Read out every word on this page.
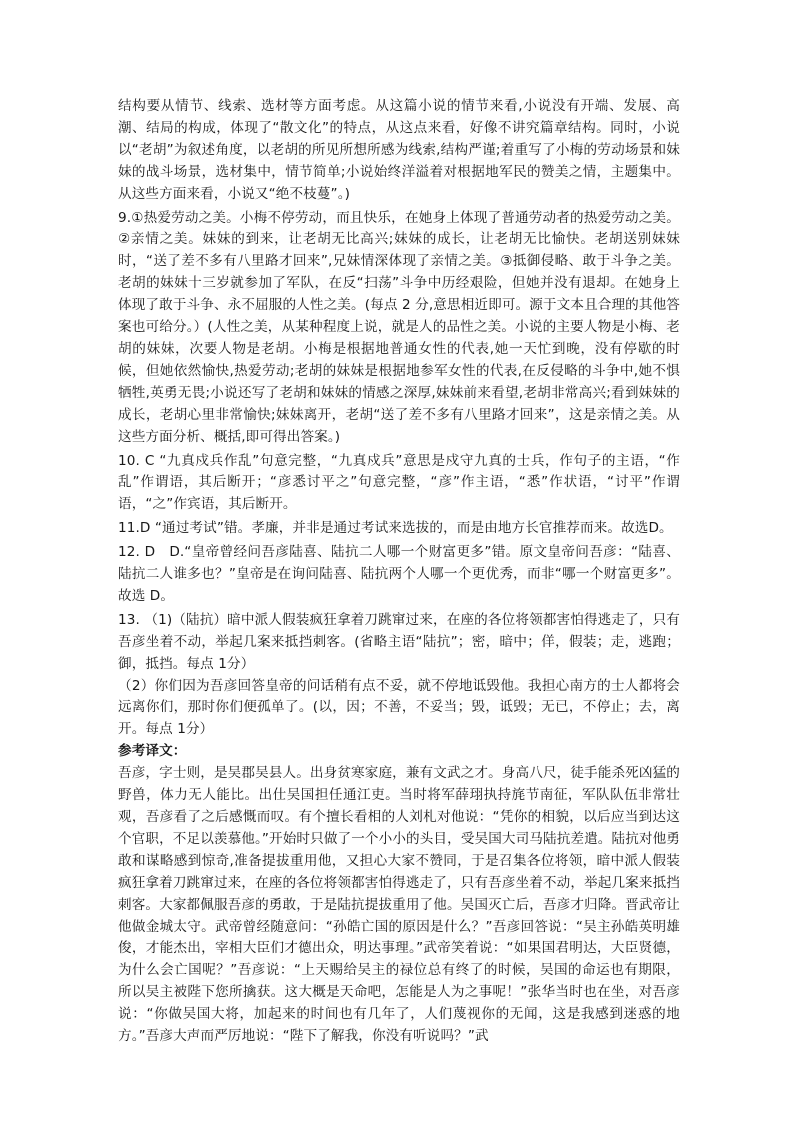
结构要从情节、线索、选材等方面考虑。从这篇小说的情节来看,小说没有开端、发展、高潮、结局的构成，体现了“散文化”的特点，从这点来看，好像不讲究篇章结构。同时，小说以“老胡”为叙述角度，以老胡的所见所想所感为线索,结构严谨;着重写了小梅的劳动场景和妹妹的战斗场景，选材集中，情节简单;小说始终洋溢着对根据地军民的赞美之情，主题集中。从这些方面来看，小说又“绝不枝蔓”。)

9.①热爱劳动之美。小梅不停劳动，而且快乐，在她身上体现了普通劳动者的热爱劳动之美。②亲情之美。妹妹的到来，让老胡无比高兴;妹妹的成长，让老胡无比愉快。老胡送别妹妹时，“送了差不多有八里路才回来”,兄妹情深体现了亲情之美。③抵御侵略、敢于斗争之美。老胡的妹妹十三岁就参加了军队，在反“扫荡”斗争中历经艰险，但她并没有退却。在她身上体现了敢于斗争、永不屈服的人性之美。(每点 2 分,意思相近即可。源于文本且合理的其他答案也可给分。）(人性之美，从某种程度上说，就是人的品性之美。小说的主要人物是小梅、老胡的妹妹，次要人物是老胡。小梅是根据地普通女性的代表,她一天忙到晚，没有停歇的时候，但她依然愉快,热爱劳动;老胡的妹妹是根据地参军女性的代表,在反侵略的斗争中,她不惧牺牲,英勇无畏;小说还写了老胡和妹妹的情感之深厚,妹妹前来看望,老胡非常高兴;看到妹妹的成长，老胡心里非常愉快;妹妹离开，老胡“送了差不多有八里路才回来”，这是亲情之美。从这些方面分析、概括,即可得出答案。)

10. C “九真戍兵作乱”句意完整，“九真戍兵”意思是戍守九真的士兵，作句子的主语，“作乱”作谓语，其后断开；“彦悉讨平之”句意完整，“彦”作主语，“悉”作状语，“讨平”作谓语，“之”作宾语，其后断开。

11.D “通过考试”错。孝廉，并非是通过考试来选拔的，而是由地方长官推荐而来。故选D。

12. D　D.“皇帝曾经问吾彦陆喜、陆抗二人哪一个财富更多”错。原文皇帝问吾彦：“陆喜、陆抗二人谁多也？”皇帝是在询问陆喜、陆抗两个人哪一个更优秀，而非“哪一个财富更多”。故选 D。

13. （1)（陆抗）暗中派人假装疯狂拿着刀跳窜过来，在座的各位将领都害怕得逃走了，只有吾彦坐着不动，举起几案来抵挡刺客。(省略主语“陆抗”；密，暗中；佯，假装；走，逃跑；御，抵挡。每点 1分）

（2）你们因为吾彦回答皇帝的问话稍有点不妥，就不停地诋毁他。我担心南方的士人都将会远离你们，那时你们便孤单了。(以，因；不善，不妥当；毁，诋毁；无已，不停止；去，离开。每点 1分）

参考译文：

吾彦，字士则，是吴郡吴县人。出身贫寒家庭，兼有文武之才。身高八尺，徒手能杀死凶猛的野兽，体力无人能比。出仕吴国担任通江吏。当时将军薛珝执持旄节南征，军队队伍非常壮观，吾彦看了之后感慨而叹。有个擅长看相的人刘札对他说：“凭你的相貌，以后应当到达这个官职，不足以羡慕他。”开始时只做了一个小小的头目，受吴国大司马陆抗差遣。陆抗对他勇敢和谋略感到惊奇,准备提拔重用他，又担心大家不赞同，于是召集各位将领，暗中派人假装疯狂拿着刀跳窜过来，在座的各位将领都害怕得逃走了，只有吾彦坐着不动，举起几案来抵挡刺客。大家都佩服吾彦的勇敢，于是陆抗提拔重用了他。吴国灭亡后，吾彦才归降。晋武帝让他做金城太守。武帝曾经随意问：“孙皓亡国的原因是什么？”吾彦回答说：“吴主孙皓英明雄俊，才能杰出，宰相大臣们才德出众，明达事理。”武帝笑着说：“如果国君明达，大臣贤德，为什么会亡国呢？”吾彦说：“上天赐给吴主的禄位总有终了的时候，吴国的命运也有期限，所以吴主被陛下您所擒获。这大概是天命吧，怎能是人为之事呢！”张华当时也在坐，对吾彦说：“你做吴国大将，加起来的时间也有几年了，人们蔑视你的无闻，这是我感到迷惑的地方。”吾彦大声而严厉地说：“陛下了解我，你没有听说吗？”武
